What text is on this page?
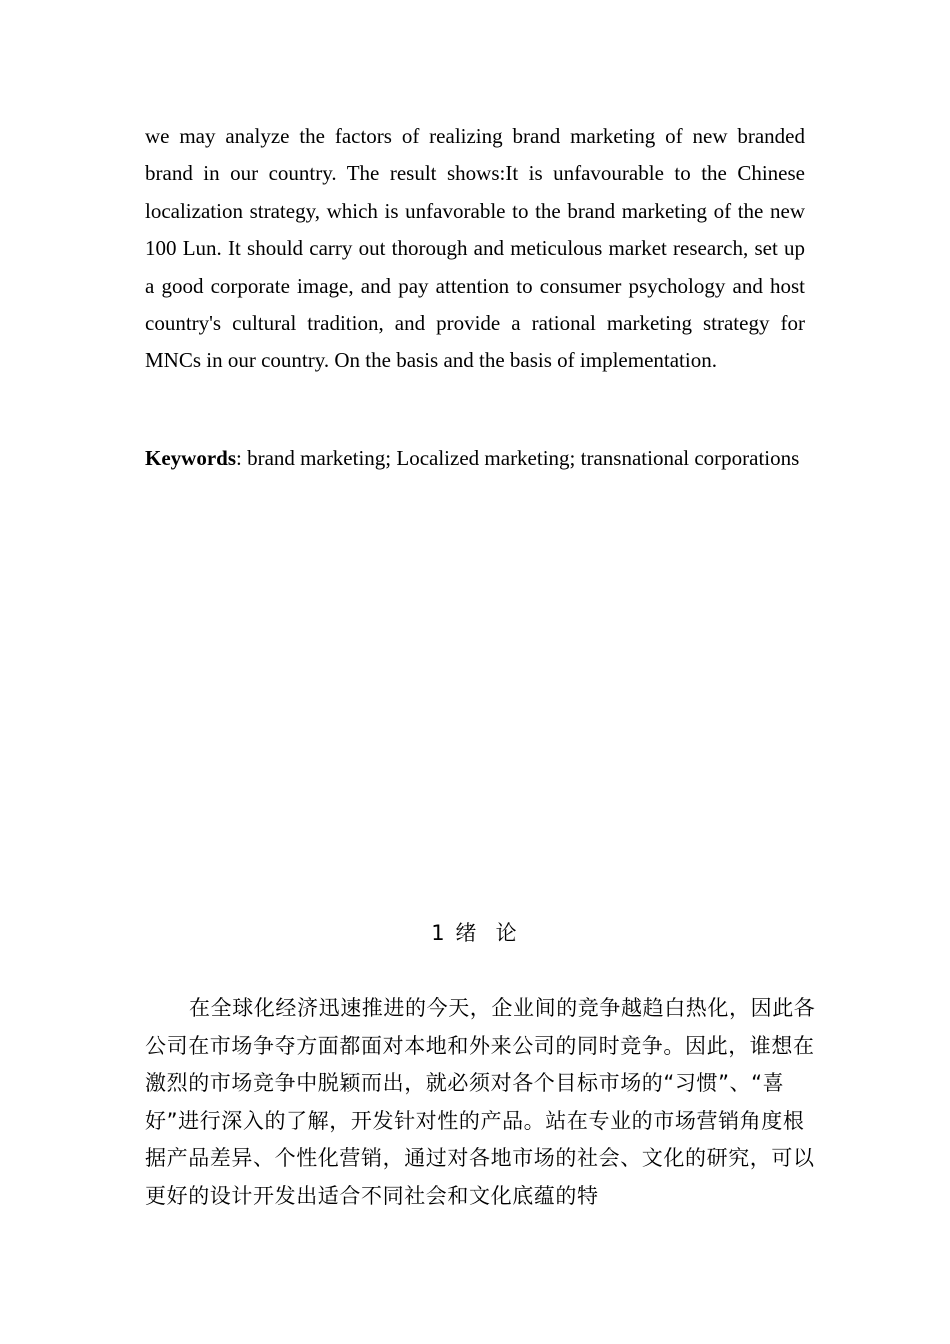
we may analyze the factors of realizing brand marketing of new branded brand in our country. The result shows:It is unfavourable to the Chinese localization strategy, which is unfavorable to the brand marketing of the new 100 Lun. It should carry out thorough and meticulous market research, set up a good corporate image, and pay attention to consumer psychology and host country's cultural tradition, and provide a rational marketing strategy for MNCs in our country. On the basis and the basis of implementation.

Keywords: brand marketing; Localized marketing; transnational corporations

1 绪  论

在全球化经济迅速推进的今天，企业间的竞争越趋白热化，因此各公司在市场争夺方面都面对本地和外来公司的同时竞争。因此，谁想在激烈的市场竞争中脱颖而出，就必须对各个目标市场的“习惯”、“喜好”进行深入的了解，开发针对性的产品。站在专业的市场营销角度根据产品差异、个性化营销，通过对各地市场的社会、文化的研究，可以更好的设计开发出适合不同社会和文化底蕴的特
